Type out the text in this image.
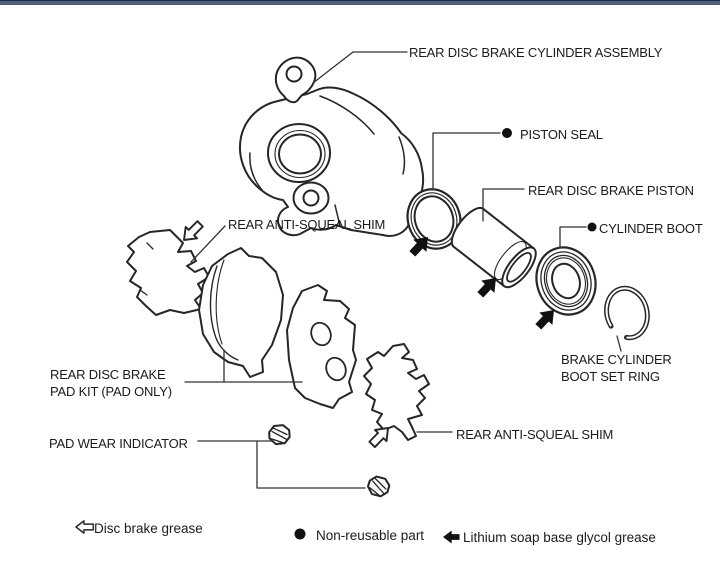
REAR DISC BRAKE CYLINDER ASSEMBLY
PISTON SEAL
REAR DISC BRAKE PISTON
CYLINDER BOOT
BRAKE CYLINDER
BOOT SET RING
REAR ANTI-SQUEAL SHIM
REAR DISC BRAKE
PAD KIT (PAD ONLY)
PAD WEAR INDICATOR
REAR ANTI-SQUEAL SHIM
Disc brake grease	Non-reusable part	Lithium soap base glycol grease
